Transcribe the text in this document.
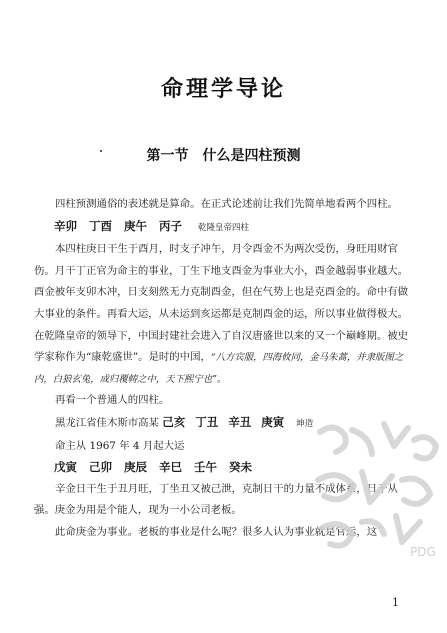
命理学导论
第一节 什么是四柱预测

四柱预测通俗的表述就是算命。在正式论述前让我们先简单地看两个四柱。

辛卯 丁酉 庚午 丙子 乾隆皇帝四柱

本四柱庚日干生于酉月，时支子冲午，月令酉金不为两次受伤，身旺用财官伤。月干丁正官为命主的事业，丁生下地支酉金为事业大小，酉金越弱事业越大。酉金被年支卯木冲，日支刻然无力克制酉金，但在气势上也是克酉金的。命中有做大事业的条件。再看大运，从未运到亥运都是克制酉金的运，所以事业做得极大。在乾隆皇帝的领导下，中国封建社会进入了自汉唐盛世以来的又一个巅峰期。被史学家称作为“康乾盛世”。是时的中国，“八方宾服，四海攸同，金马朱蒿，并隶版图之内，白狼玄兔，成归覆帱之中，天下熙宁也”。

再看一个普通人的四柱。

黑龙江省佳木斯市高某 己亥 丁丑 辛丑 庚寅 坤造

命主从 1967 年 4 月起大运

戊寅 己卯 庚辰 辛巳 壬午 癸未

辛金日干生于丑月旺，丁坐丑又被己泄，克制日干的力量不成体系，日干从强。庚金为用是个能人，现为一小公司老板。

此命庚金为事业。老板的事业是什么呢？很多人认为事业就是官运，这

PDG
1
